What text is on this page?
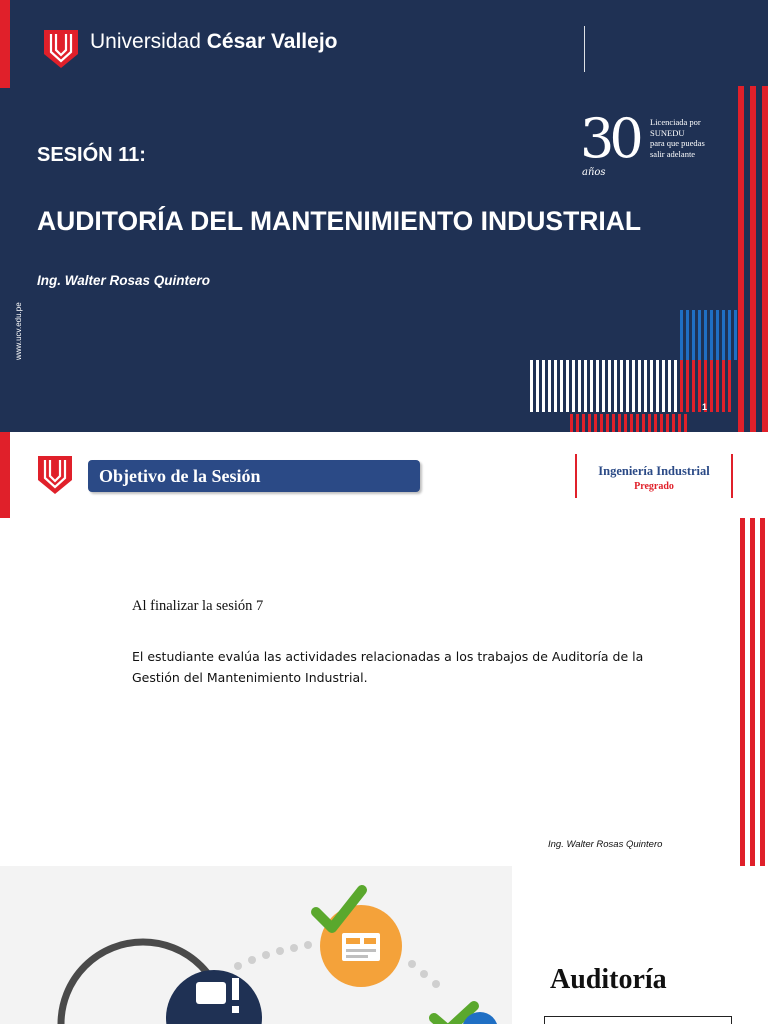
Universidad César Vallejo
SESIÓN 11:
AUDITORÍA DEL MANTENIMIENTO INDUSTRIAL
Ing. Walter Rosas Quintero
www.ucv.edu.pe
30
años
Licenciada por
SUNEDU
para que puedas
salir adelante
1
Objetivo de la Sesión	Ingeniería Industrial
Pregrado
Al finalizar la sesión 7
El estudiante evalúa las actividades relacionadas a los trabajos de Auditoría de la Gestión del Mantenimiento Industrial.
Ing. Walter Rosas Quintero
Auditoría
